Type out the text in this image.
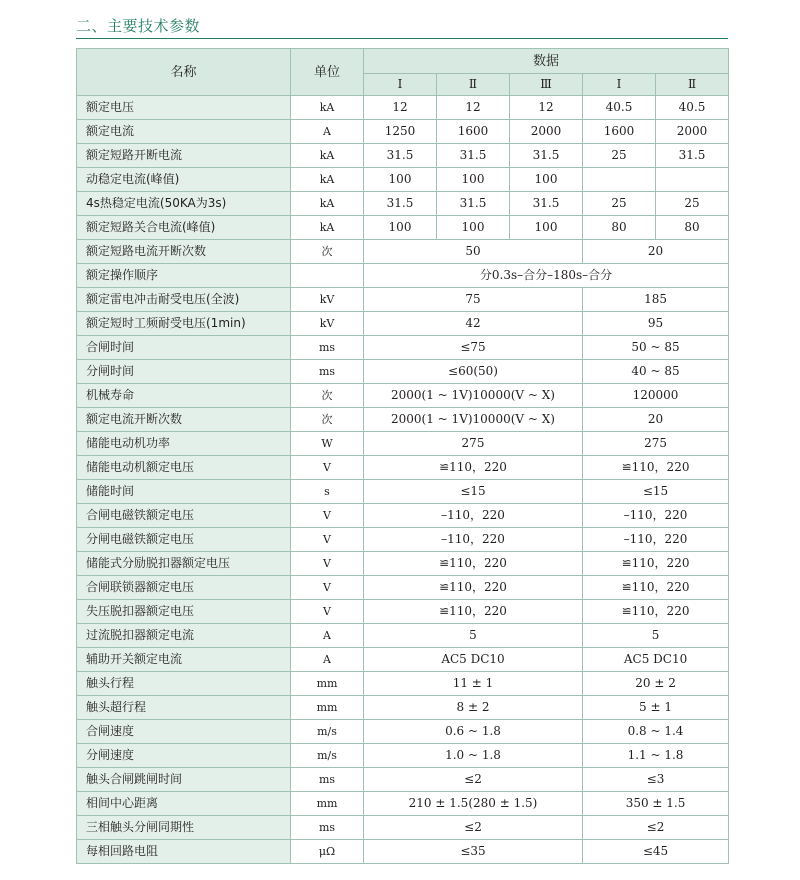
二、主要技术参数
名称	单位	数据				
		Ⅰ	Ⅱ	Ⅲ	Ⅰ	Ⅱ
额定电压	kA	12	12	12	40.5	40.5
额定电流	A	1250	1600	2000	1600	2000
额定短路开断电流	kA	31.5	31.5	31.5	25	31.5
动稳定电流(峰值)	kA	100	100	100		
4s热稳定电流(50KA为3s)	kA	31.5	31.5	31.5	25	25
额定短路关合电流(峰值)	kA	100	100	100	80	80
额定短路电流开断次数	次	50			20	
额定操作顺序		分0.3s–合分–180s–合分				
额定雷电冲击耐受电压(全波)	kV	75			185	
额定短时工频耐受电压(1min)	kV	42			95	
合闸时间	ms	≤75			50 ~ 85	
分闸时间	ms	≤60(50)			40 ~ 85	
机械寿命	次	2000(1 ~ 1V)10000(V ~ X)			120000	
额定电流开断次数	次	2000(1 ~ 1V)10000(V ~ X)			20	
储能电动机功率	W	275			275	
储能电动机额定电压	V	≌110，220			≌110，220	
储能时间	s	≤15			≤15	
合闸电磁铁额定电压	V	–110，220			–110，220	
分闸电磁铁额定电压	V	–110，220			–110，220	
储能式分励脱扣器额定电压	V	≌110，220			≌110，220	
合闸联锁器额定电压	V	≌110，220			≌110，220	
失压脱扣器额定电压	V	≌110，220			≌110，220	
过流脱扣器额定电流	A	5			5	
辅助开关额定电流	A	AC5 DC10			AC5 DC10	
触头行程	mm	11 ± 1			20 ± 2	
触头超行程	mm	8 ± 2			5 ± 1	
合闸速度	m/s	0.6 ~ 1.8			0.8 ~ 1.4	
分闸速度	m/s	1.0 ~ 1.8			1.1 ~ 1.8	
触头合闸跳闸时间	ms	≤2			≤3	
相间中心距离	mm	210 ± 1.5(280 ± 1.5)			350 ± 1.5	
三相触头分闸同期性	ms	≤2			≤2	
每相回路电阻	μΩ	≤35			≤45	
